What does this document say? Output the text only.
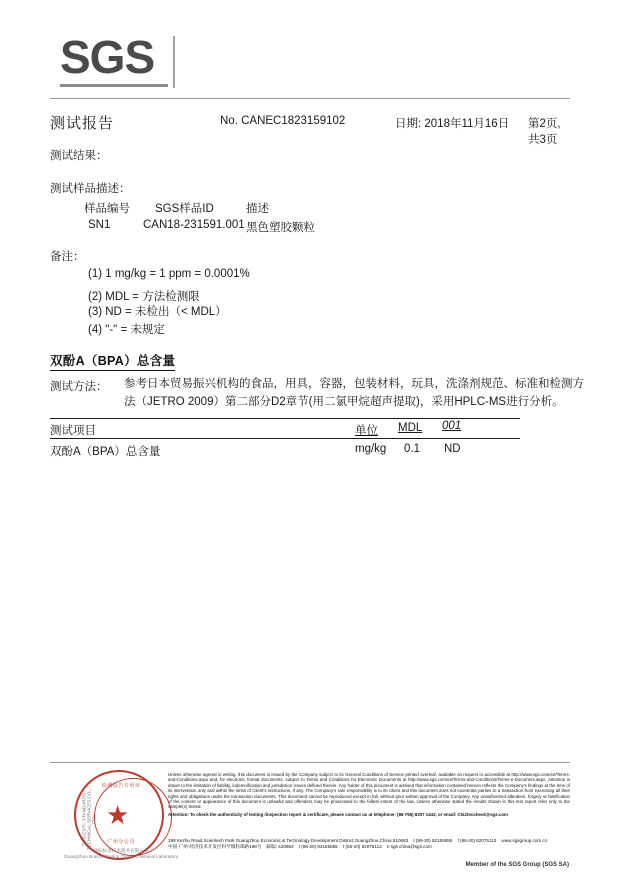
SGS
测试报告	No. CANEC1823159102	日期: 2018年11月16日 第2页,共3页
测试结果：
测试样品描述：
样品编号 SGS样品ID	描述
SN1	CAN18-231591.001 黑色塑胶颗粒
备注：
(1) 1 mg/kg = 1 ppm = 0.0001%
(2) MDL = 方法检测限
(3) ND = 未检出（< MDL）
(4) "-" = 未规定
双酚A（BPA）总含量
测试方法： 参考日本贸易振兴机构的食品，用具，容器，包装材料，玩具，洗涤剂规范、标准和检测方
法（JETRO 2009）第二部分D2章节(用二氯甲烷超声提取)，采用HPLC-MS进行分析。
测试项目	单位 MDL 001
双酚A（BPA）总含量	mg/kg 0.1 ND
检测报告专用章
★
广州分公司
SGS-CSTC STANDARDS TECHNICAL SERVICES CO., LTD.
通标标准技术服务有限公司
Guangzhou Branch Testing Center Chemical Laboratory
Unless otherwise agreed in writing, this document is issued by the Company subject to its General Conditions of Service printed overleaf, available on request or accessible at http://www.sgs.com/en/Terms-and-Conditions.aspx and, for electronic format documents, subject to Terms and Conditions for Electronic Documents at http://www.sgs.com/en/Terms-and-Conditions/Terms-e-Document.aspx. Attention is drawn to the limitation of liability, indemnification and jurisdiction issues defined therein. Any holder of this document is advised that information contained hereon reflects the Company's findings at the time of its intervention only and within the limits of Client's instructions, if any. The Company's sole responsibility is to its Client and this document does not exonerate parties to a transaction from exercising all their rights and obligations under the transaction documents. This document cannot be reproduced except in full, without prior written approval of the Company. Any unauthorized alteration, forgery or falsification of the content or appearance of this document is unlawful and offenders may be prosecuted to the fullest extent of the law. Unless otherwise stated the results shown in this test report refer only to the sample(s) tested.
Attention: To check the authenticity of testing /inspection report & certificate, please contact us at telephone: (86-755) 8307 1443, or email: CN.Doccheck@sgs.com
198 Kezhu Road,Scientech Park Guangzhou Economic & Technology Development District,Guangzhou,China 510663 t (86-20) 82155555 f (86-20) 82075113 www.sgsgroup.com.cn
中国·广州·经济技术开发区科学城科珠路198号 邮编: 510663 t (86-20) 82155555 f (86-20) 82075113 e sgs.china@sgs.com
Member of the SGS Group (SGS SA)
